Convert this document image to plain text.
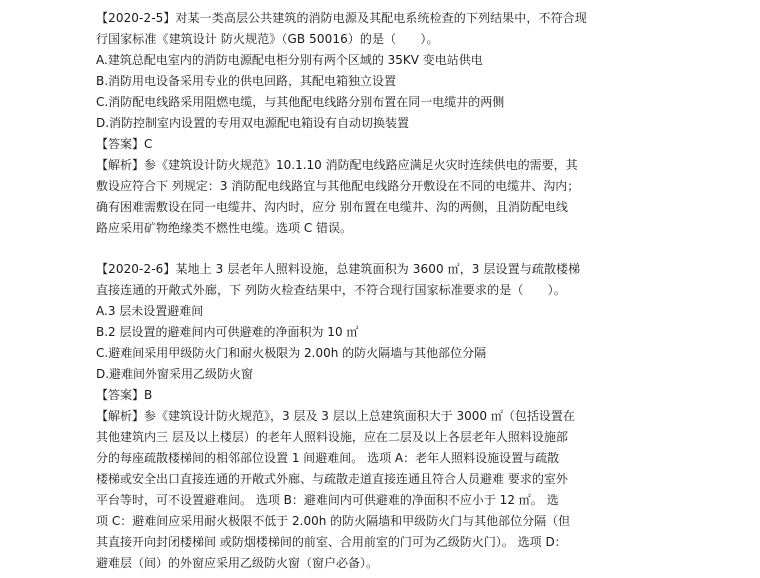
【2020-2-5】对某一类高层公共建筑的消防电源及其配电系统检查的下列结果中，不符合现
行国家标准《建筑设计 防火规范》（GB 50016）的是（　　）。
A.建筑总配电室内的消防电源配电柜分别有两个区域的 35KV 变电站供电
B.消防用电设备采用专业的供电回路，其配电箱独立设置
C.消防配电线路采用阻燃电缆，与其他配电线路分别布置在同一电缆井的两侧
D.消防控制室内设置的专用双电源配电箱设有自动切换装置
【答案】C
【解析】参《建筑设计防火规范》10.1.10 消防配电线路应满足火灾时连续供电的需要，其
敷设应符合下 列规定：3 消防配电线路宜与其他配电线路分开敷设在不同的电缆井、沟内；
确有困难需敷设在同一电缆井、沟内时，应分 别布置在电缆井、沟的两侧，且消防配电线
路应采用矿物绝缘类不燃性电缆。选项 C 错误。
【2020-2-6】某地上 3 层老年人照料设施，总建筑面积为 3600 ㎡，3 层设置与疏散楼梯
直接连通的开敞式外廊，下 列防火检查结果中，不符合现行国家标准要求的是（　　）。
A.3 层未设置避难间
B.2 层设置的避难间内可供避难的净面积为 10 ㎡
C.避难间采用甲级防火门和耐火极限为 2.00h 的防火隔墙与其他部位分隔
D.避难间外窗采用乙级防火窗
【答案】B
【解析】参《建筑设计防火规范》，3 层及 3 层以上总建筑面积大于 3000 ㎡（包括设置在
其他建筑内三 层及以上楼层）的老年人照料设施，应在二层及以上各层老年人照料设施部
分的每座疏散楼梯间的相邻部位设置 1 间避难间。 选项 A：老年人照料设施设置与疏散
楼梯或安全出口直接连通的开敞式外廊、与疏散走道直接连通且符合人员避难 要求的室外
平台等时，可不设置避难间。 选项 B：避难间内可供避难的净面积不应小于 12 ㎡。 选
项 C：避难间应采用耐火极限不低于 2.00h 的防火隔墙和甲级防火门与其他部位分隔（但
其直接开向封闭楼梯间 或防烟楼梯间的前室、合用前室的门可为乙级防火门）。 选项 D：
避难层（间）的外窗应采用乙级防火窗（窗户必备）。
